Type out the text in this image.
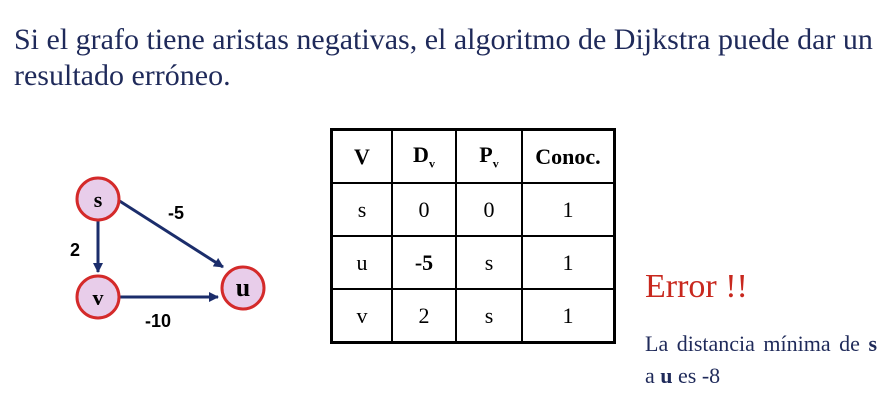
Si el grafo tiene aristas negativas, el algoritmo de Dijkstra puede dar un resultado erróneo.
-5
2
-10
s
v	u
V	$D_v$	$P_v$	Conoc.
s	0	0	1
u	-5	s	1
v	2	s	1
Error !!
La distancia mínima de s a u es -8
